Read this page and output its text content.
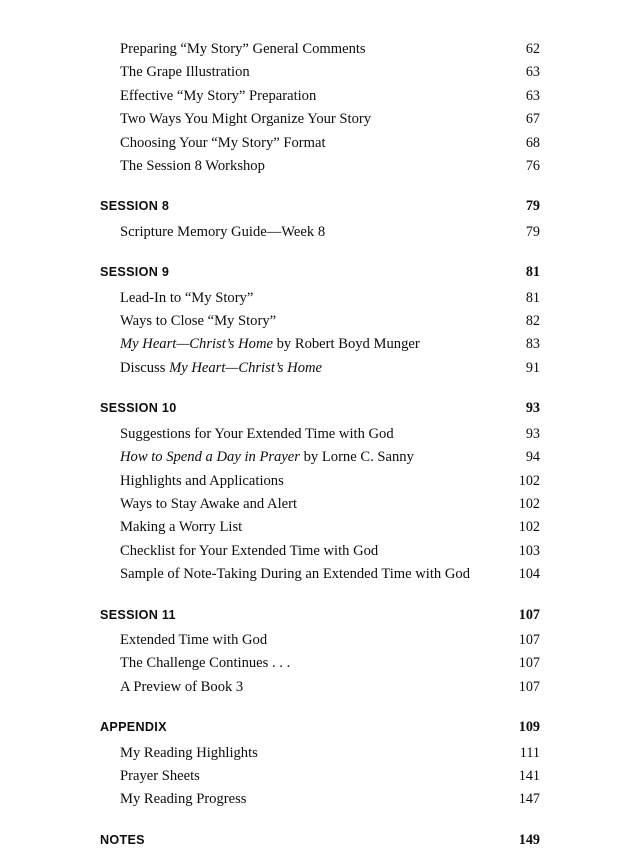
Preparing “My Story” General Comments	62
The Grape Illustration	63
Effective “My Story” Preparation	63
Two Ways You Might Organize Your Story	67
Choosing Your “My Story” Format	68
The Session 8 Workshop	76
SESSION 8	79
Scripture Memory Guide—Week 8	79
SESSION 9	81
Lead-In to “My Story”	81
Ways to Close “My Story”	82
My Heart—Christ’s Home by Robert Boyd Munger	83
Discuss My Heart—Christ’s Home	91
SESSION 10	93
Suggestions for Your Extended Time with God	93
How to Spend a Day in Prayer by Lorne C. Sanny	94
Highlights and Applications	102
Ways to Stay Awake and Alert	102
Making a Worry List	102
Checklist for Your Extended Time with God	103
Sample of Note-Taking During an Extended Time with God	104
SESSION 11	107
Extended Time with God	107
The Challenge Continues . . .	107
A Preview of Book 3	107
APPENDIX	109
My Reading Highlights	111
Prayer Sheets	141
My Reading Progress	147
NOTES	149
